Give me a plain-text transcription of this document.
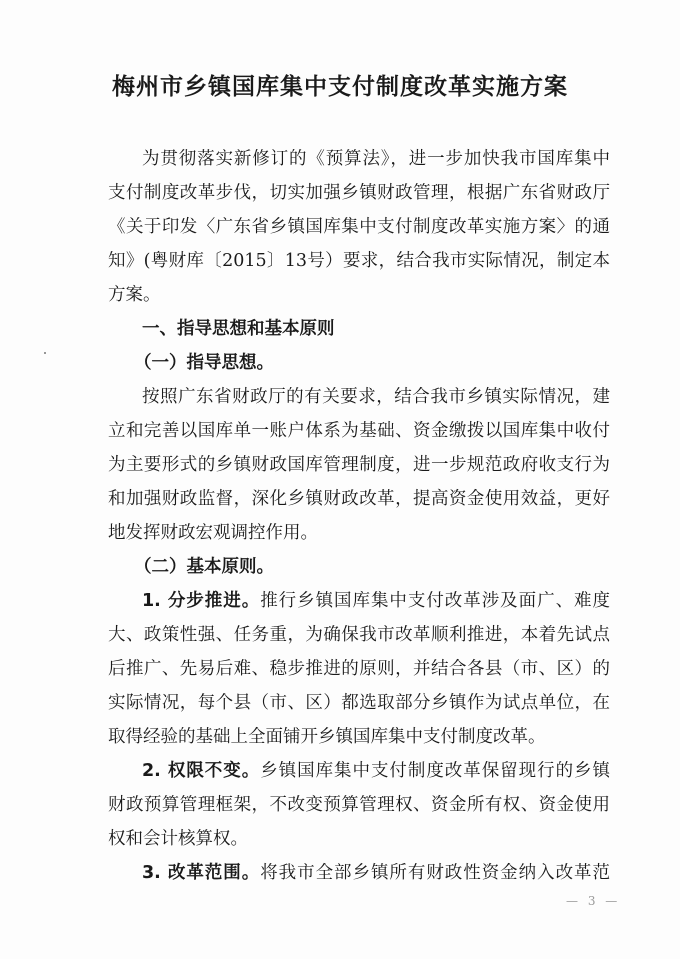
梅州市乡镇国库集中支付制度改革实施方案
为贯彻落实新修订的《预算法》，进一步加快我市国库集中
支付制度改革步伐，切实加强乡镇财政管理，根据广东省财政厅
《关于印发〈广东省乡镇国库集中支付制度改革实施方案〉的通
知》(粤财库〔2015〕13号）要求，结合我市实际情况，制定本
方案。
一、指导思想和基本原则
（一）指导思想。
按照广东省财政厅的有关要求，结合我市乡镇实际情况，建
立和完善以国库单一账户体系为基础、资金缴拨以国库集中收付
为主要形式的乡镇财政国库管理制度，进一步规范政府收支行为
和加强财政监督，深化乡镇财政改革，提高资金使用效益，更好
地发挥财政宏观调控作用。
（二）基本原则。
1. 分步推进。推行乡镇国库集中支付改革涉及面广、难度
大、政策性强、任务重，为确保我市改革顺利推进，本着先试点
后推广、先易后难、稳步推进的原则，并结合各县（市、区）的
实际情况，每个县（市、区）都选取部分乡镇作为试点单位，在
取得经验的基础上全面铺开乡镇国库集中支付制度改革。
2. 权限不变。乡镇国库集中支付制度改革保留现行的乡镇
财政预算管理框架，不改变预算管理权、资金所有权、资金使用
权和会计核算权。
3. 改革范围。将我市全部乡镇所有财政性资金纳入改革范
— 3 —
